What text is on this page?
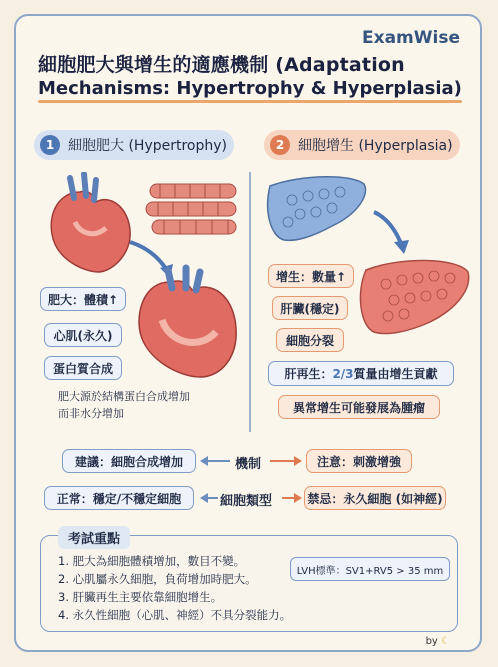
ExamWise
細胞肥大與增生的適應機制 (Adaptation
Mechanisms: Hypertrophy & Hyperplasia)
1 細胞肥大 (Hypertrophy)	2 細胞增生 (Hyperplasia)
肥大：體積↑
心肌(永久)
蛋白質合成
肥大源於結構蛋白合成增加
而非水分增加
增生：數量↑
肝臟(穩定)
細胞分裂
肝再生： 2/3 質量由增生貢獻
異常增生可能發展為腫瘤
建議：細胞合成增加	機制	注意：刺激增強
正常：穩定/不穩定細胞	細胞類型	禁忌：永久細胞 (如神經)
考試重點
1. 肥大為細胞體積增加，數目不變。
2. 心肌屬永久細胞，負荷增加時肥大。
3. 肝臟再生主要依靠細胞增生。
4. 永久性細胞（心肌、神經）不具分裂能力。
LVH標準：SV1+RV5 > 35 mm
by ☾
